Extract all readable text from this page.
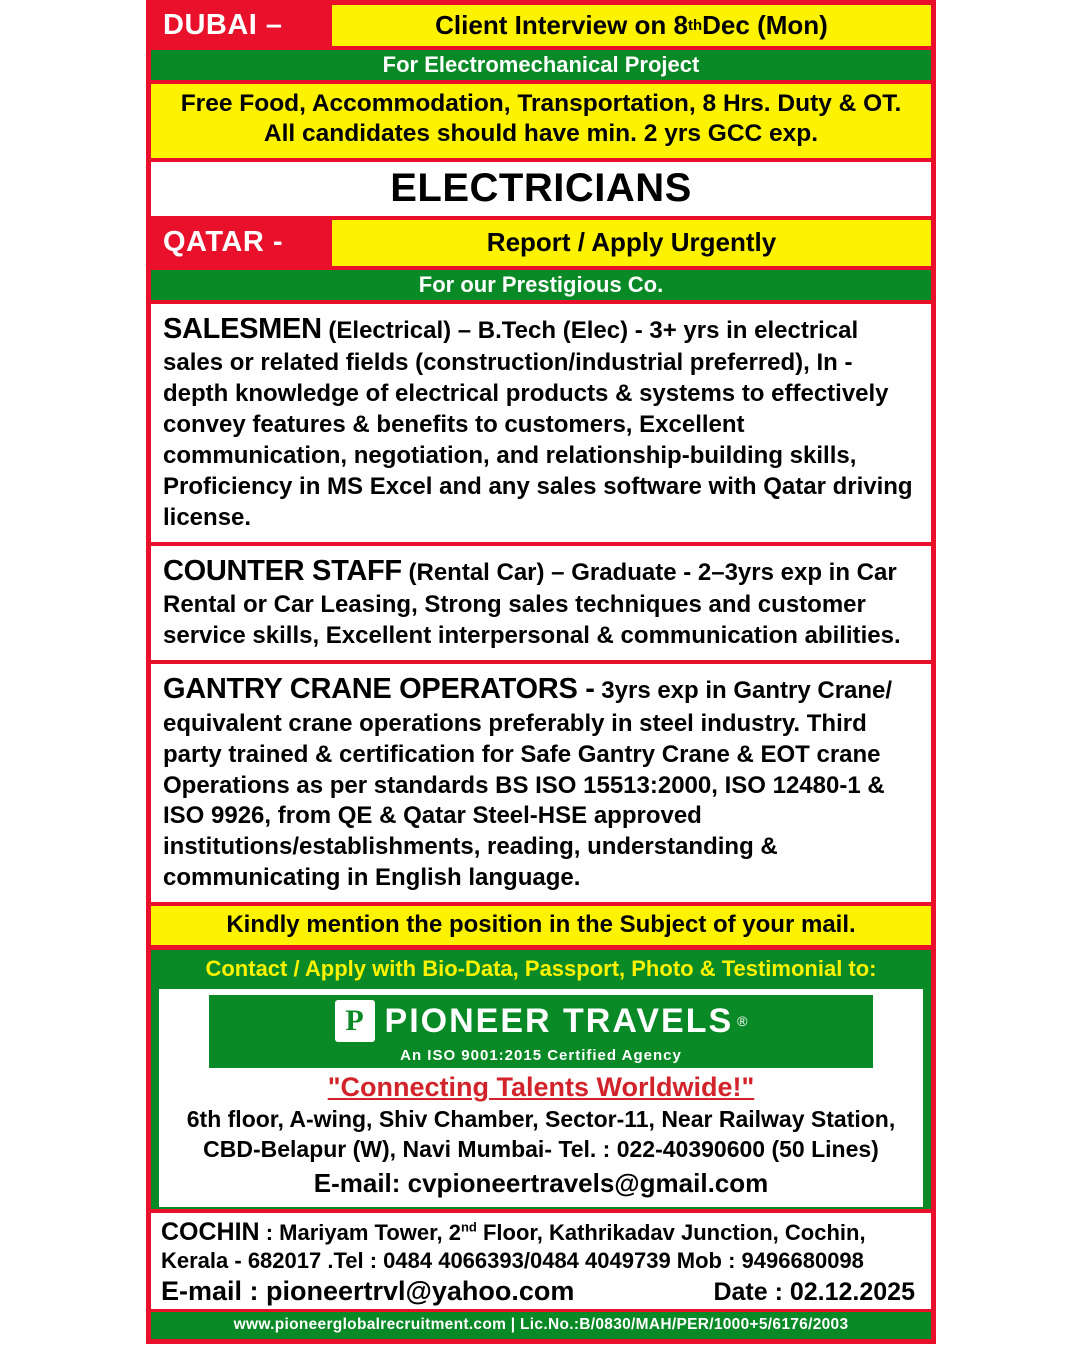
DUBAI –	Client Interview on 8 th Dec (Mon)
For Electromechanical Project
Free Food, Accommodation, Transportation, 8 Hrs. Duty & OT.
All candidates should have min. 2 yrs GCC exp.
ELECTRICIANS
QATAR -	Report / Apply Urgently
For our Prestigious Co.

SALESMEN (Electrical) – B.Tech (Elec) - 3+ yrs in electrical sales or related fields (construction/industrial preferred), In - depth knowledge of electrical products & systems to effectively convey features & benefits to customers, Excellent communication, negotiation, and relationship-building skills, Proficiency in MS Excel and any sales software with Qatar driving license.

COUNTER STAFF (Rental Car) – Graduate - 2–3yrs exp in Car Rental or Car Leasing, Strong sales techniques and customer service skills, Excellent interpersonal & communication abilities.

GANTRY CRANE OPERATORS - 3yrs exp in Gantry Crane/ equivalent crane operations preferably in steel industry. Third party trained & certification for Safe Gantry Crane & EOT crane Operations as per standards BS ISO 15513:2000, ISO 12480-1 & ISO 9926, from QE & Qatar Steel-HSE approved institutions/establishments, reading, understanding & communicating in English language.

Kindly mention the position in the Subject of your mail.
Contact / Apply with Bio-Data, Passport, Photo & Testimonial to:
P PIONEER TRAVELS ®
An ISO 9001:2015 Certified Agency
"Connecting Talents Worldwide!"
6th floor, A-wing, Shiv Chamber, Sector-11, Near Railway Station,
CBD-Belapur (W), Navi Mumbai- Tel. : 022-40390600 (50 Lines)
E-mail: cvpioneertravels@gmail.com
COCHIN : Mariyam Tower, 2nd Floor, Kathrikadav Junction, Cochin,
Kerala - 682017 .Tel : 0484 4066393/0484 4049739 Mob : 9496680098
E-mail : pioneertrvl@yahoo.com	Date : 02.12.2025
www.pioneerglobalrecruitment.com | Lic.No.:B/0830/MAH/PER/1000+5/6176/2003
